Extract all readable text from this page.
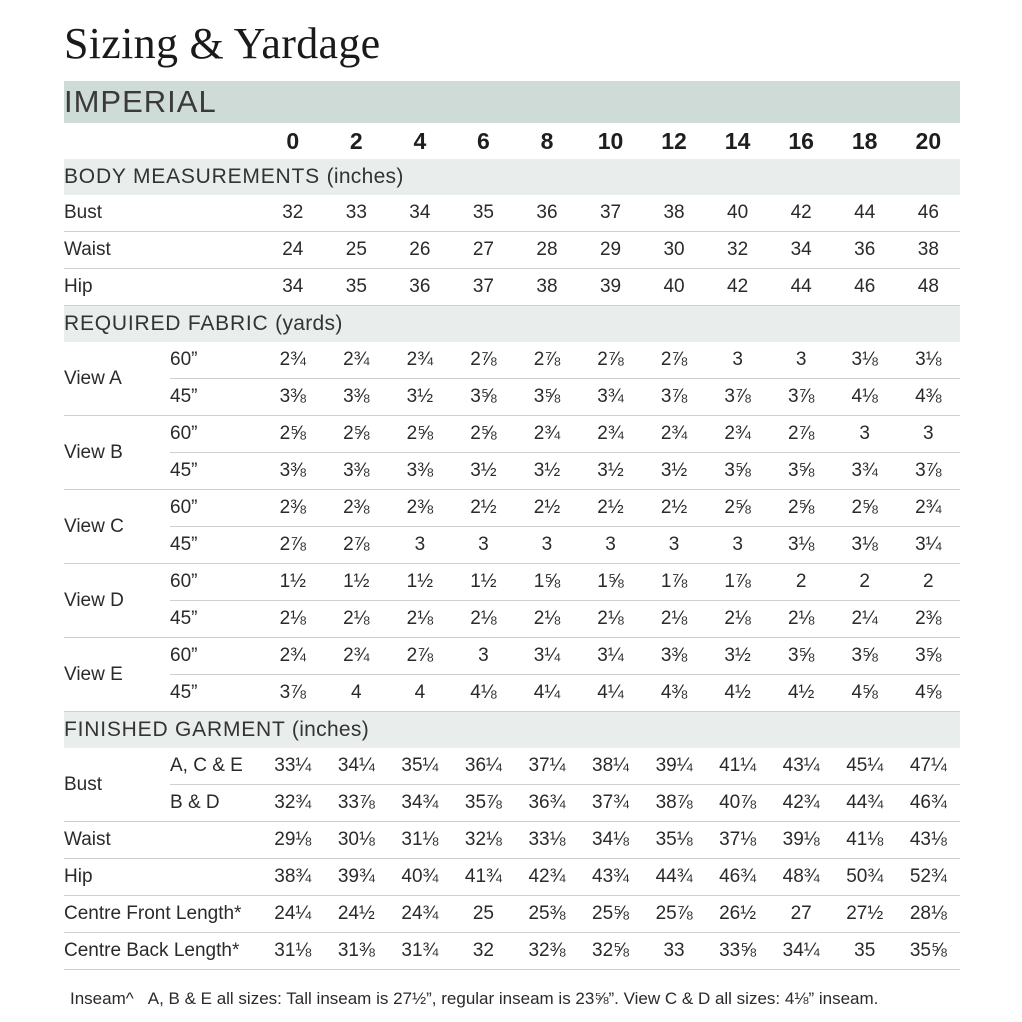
Sizing & Yardage
IMPERIAL												
		0	2	4	6	8	10	12	14	16	18	20
BODY MEASUREMENTS (inches)												
Bust		32	33	34	35	36	37	38	40	42	44	46
Waist		24	25	26	27	28	29	30	32	34	36	38
Hip		34	35	36	37	38	39	40	42	44	46	48
REQUIRED FABRIC (yards)												
View A	60”	2¾	2¾	2¾	2⅞	2⅞	2⅞	2⅞	3	3	3⅛	3⅛
	45”	3⅜	3⅜	3½	3⅝	3⅝	3¾	3⅞	3⅞	3⅞	4⅛	4⅜
View B	60”	2⅝	2⅝	2⅝	2⅝	2¾	2¾	2¾	2¾	2⅞	3	3
	45”	3⅜	3⅜	3⅜	3½	3½	3½	3½	3⅝	3⅝	3¾	3⅞
View C	60”	2⅜	2⅜	2⅜	2½	2½	2½	2½	2⅝	2⅝	2⅝	2¾
	45”	2⅞	2⅞	3	3	3	3	3	3	3⅛	3⅛	3¼
View D	60”	1½	1½	1½	1½	1⅝	1⅝	1⅞	1⅞	2	2	2
	45”	2⅛	2⅛	2⅛	2⅛	2⅛	2⅛	2⅛	2⅛	2⅛	2¼	2⅜
View E	60”	2¾	2¾	2⅞	3	3¼	3¼	3⅜	3½	3⅝	3⅝	3⅝
	45”	3⅞	4	4	4⅛	4¼	4¼	4⅜	4½	4½	4⅝	4⅝
FINISHED GARMENT (inches)												
Bust	A, C & E	33¼	34¼	35¼	36¼	37¼	38¼	39¼	41¼	43¼	45¼	47¼
	B & D	32¾	33⅞	34¾	35⅞	36¾	37¾	38⅞	40⅞	42¾	44¾	46¾
Waist		29⅛	30⅛	31⅛	32⅛	33⅛	34⅛	35⅛	37⅛	39⅛	41⅛	43⅛
Hip		38¾	39¾	40¾	41¾	42¾	43¾	44¾	46¾	48¾	50¾	52¾
Centre Front Length*		24¼	24½	24¾	25	25⅜	25⅝	25⅞	26½	27	27½	28⅛
Centre Back Length*		31⅛	31⅜	31¾	32	32⅜	32⅝	33	33⅝	34¼	35	35⅝
Inseam^ A, B & E all sizes: Tall inseam is 27½”, regular inseam is 23⅝”. View C & D all sizes: 4⅛” inseam.
